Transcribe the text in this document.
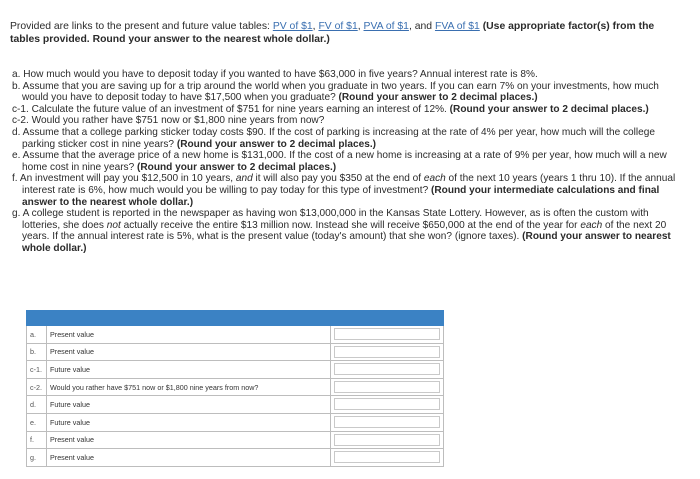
Provided are links to the present and future value tables: PV of $1, FV of $1, PVA of $1, and FVA of $1 (Use appropriate factor(s) from the tables provided. Round your answer to the nearest whole dollar.)

a. How much would you have to deposit today if you wanted to have $63,000 in five years? Annual interest rate is 8%.

b. Assume that you are saving up for a trip around the world when you graduate in two years. If you can earn 7% on your investments, how much would you have to deposit today to have $17,500 when you graduate? (Round your answer to 2 decimal places.)

c-1. Calculate the future value of an investment of $751 for nine years earning an interest of 12%. (Round your answer to 2 decimal places.)

c-2. Would you rather have $751 now or $1,800 nine years from now?

d. Assume that a college parking sticker today costs $90. If the cost of parking is increasing at the rate of 4% per year, how much will the college parking sticker cost in nine years? (Round your answer to 2 decimal places.)

e. Assume that the average price of a new home is $131,000. If the cost of a new home is increasing at a rate of 9% per year, how much will a new home cost in nine years? (Round your answer to 2 decimal places.)

f. An investment will pay you $12,500 in 10 years, and it will also pay you $350 at the end of each of the next 10 years (years 1 thru 10). If the annual interest rate is 6%, how much would you be willing to pay today for this type of investment? (Round your intermediate calculations and final answer to the nearest whole dollar.)

g. A college student is reported in the newspaper as having won $13,000,000 in the Kansas State Lottery. However, as is often the custom with lotteries, she does not actually receive the entire $13 million now. Instead she will receive $650,000 at the end of the year for each of the next 20 years. If the annual interest rate is 5%, what is the present value (today's amount) that she won? (ignore taxes). (Round your answer to nearest whole dollar.)

a.	Present value	
b.	Present value	
c-1.	Future value	
c-2.	Would you rather have $751 now or $1,800 nine years from now?	
d.	Future value	
e.	Future value	
f.	Present value	
g.	Present value	
